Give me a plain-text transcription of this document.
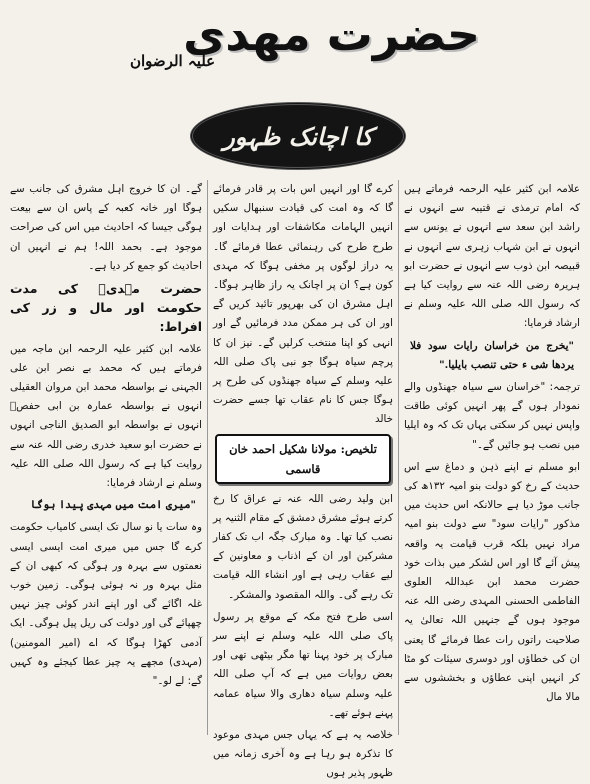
حضرت مهدی
علیہ الرضوان
کا اچانک ظہور

علامہ ابن کثیر علیہ الرحمہ فرماتے ہیں کہ امام ترمذی نے قتیبہ سے انہوں نے راشد ابن سعد سے انہوں نے یونس سے انہوں نے ابن شہاب زہری سے انہوں نے قبیصہ ابن ذوب سے انہوں نے حضرت ابو ہریرہ رضی اللہ عنہ سے روایت کیا ہے کہ رسول اللہ صلی اللہ علیہ وسلم نے ارشاد فرمایا:

"یخرج من خراسان رایات سود فلا یردھا شی ء حتی تنصب بایلیا."

ترجمہ: "خراسان سے سیاہ جھنڈوں والے نمودار ہوں گے پھر انہیں کوئی طاقت واپس نہیں کر سکتی یہاں تک کہ وہ ایلیا میں نصب ہو جائیں گے۔"

ابو مسلم نے اپنے ذہن و دماغ سے اس حدیث کے رخ کو دولت بنو امیہ ۱۳۲ھ کی جانب موڑ دیا ہے حالانکہ اس حدیث میں مذکور "رایات سود" سے دولت بنو امیہ مراد نہیں بلکہ قرب قیامت یہ واقعہ پیش آئے گا اور اس لشکر میں بذات خود حضرت محمد ابن عبداللہ العلوی الفاطمی الحسنی المہدی رضی اللہ عنہ موجود ہوں گے جنہیں اللہ تعالیٰ یہ صلاحیت راتوں رات عطا فرمائے گا یعنی ان کی خطاؤں اور دوسری سیئات کو مٹا کر انہیں اپنی عطاؤں و بخششوں سے مالا مال

کرے گا اور انہیں اس بات پر قادر فرمائے گا کہ وہ امت کی قیادت سنبھال سکیں انہیں الہامات مکاشفات اور ہدایات اور طرح طرح کی رہنمائی عطا فرمائے گا۔ یہ دراز لوگوں پر مخفی ہوگا کہ مہدی کون ہے؟ ان پر اچانک یہ راز ظاہر ہوگا۔ اہل مشرق ان کی بھرپور تائید کریں گے اور ان کی ہر ممکن مدد فرمائیں گے اور انہی کو اپنا منتخب کرلیں گے۔ نیز ان کا پرچم سیاہ ہوگا جو نبی پاک صلی اللہ علیہ وسلم کے سیاہ جھنڈوں کی طرح پر ہوگا جس کا نام عقاب تھا جسے حضرت خالد

تلخیص: مولانا شکیل احمد خان قاسمی

ابن ولید رضی اللہ عنہ نے عراق کا رخ کرتے ہوئے مشرق دمشق کے مقام الثنیہ پر نصب کیا تھا۔ وہ مبارک جگہ اب تک کفار مشرکین اور ان کے اذناب و معاونین کے لیے عقاب رہی ہے اور انشاء اللہ قیامت تک رہے گی۔ واللہ المقصود والمشکر۔

اسی طرح فتح مکہ کے موقع پر رسول پاک صلی اللہ علیہ وسلم نے اپنے سر مبارک پر خود پہنا تھا مگر بیٹھی تھی اور بعض روایات میں ہے کہ آپ صلی اللہ علیہ وسلم سیاہ دھاری والا سیاہ عمامہ پہنے ہوئے تھے۔

خلاصہ یہ ہے کہ یہاں جس مہدی موعود کا تذکرہ ہو رہا ہے وہ آخری زمانہ میں ظہور پذیر ہوں

گے۔ ان کا خروج اہل مشرق کی جانب سے ہوگا اور خانہ کعبہ کے پاس ان سے بیعت ہوگی جیسا کہ احادیث میں اس کی صراحت موجود ہے۔ بحمد اللہ! ہم نے انہیں ان احادیث کو جمع کر دیا ہے۔

حضرت مہدیؓ کی مدت حکومت اور مال و زر کی افراط:

علامہ ابن کثیر علیہ الرحمہ ابن ماجہ میں فرماتے ہیں کہ محمد بے نصر ابن علی الجہنی نے بواسطہ محمد ابن مروان العقیلی انہوں نے بواسطہ عمارہ بن ابی حفصؓ انہوں نے بواسطہ ابو الصدیق الناجی انہوں نے حضرت ابو سعید خدری رضی اللہ عنہ سے روایت کیا ہے کہ رسول اللہ صلی اللہ علیہ وسلم نے ارشاد فرمایا:

"میری امت میں مہدی پیدا ہوگا

وہ سات یا نو سال تک ایسی کامیاب حکومت کرے گا جس میں میری امت ایسی ایسی نعمتوں سے بہرہ ور ہوگی کہ کبھی ان کے مثل بہرہ ور نہ ہوئی ہوگی۔ زمین خوب غلہ اگائے گی اور اپنے اندر کوئی چیز نہیں چھپائے گی اور دولت کی ریل پیل ہوگی۔ ایک آدمی کھڑا ہوگا کہ اے (امیر المومنین) (مہدی) مجھے یہ چیز عطا کیجئے وہ کہیں گے: لے لو۔"
